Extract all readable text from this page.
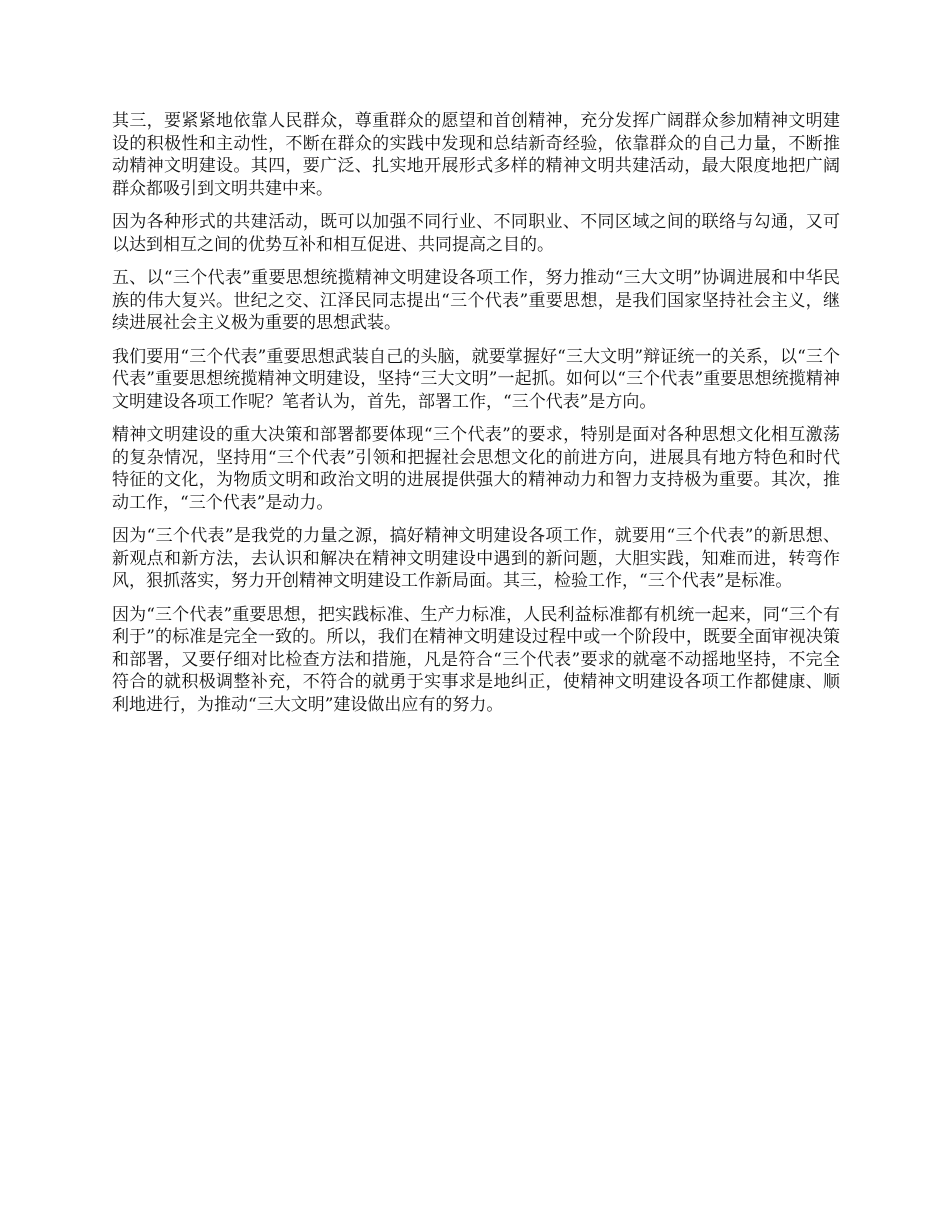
其三，要紧紧地依靠人民群众，尊重群众的愿望和首创精神，充分发挥广阔群众参加精神文明建设的积极性和主动性，不断在群众的实践中发现和总结新奇经验，依靠群众的自己力量，不断推动精神文明建设。其四，要广泛、扎实地开展形式多样的精神文明共建活动，最大限度地把广阔群众都吸引到文明共建中来。

因为各种形式的共建活动，既可以加强不同行业、不同职业、不同区域之间的联络与勾通，又可以达到相互之间的优势互补和相互促进、共同提高之目的。

五、以“三个代表”重要思想统揽精神文明建设各项工作，努力推动“三大文明”协调进展和中华民族的伟大复兴。世纪之交、江泽民同志提出“三个代表”重要思想，是我们国家坚持社会主义，继续进展社会主义极为重要的思想武装。

我们要用“三个代表”重要思想武装自己的头脑，就要掌握好“三大文明”辩证统一的关系，以“三个代表”重要思想统揽精神文明建设，坚持“三大文明”一起抓。如何以“三个代表”重要思想统揽精神文明建设各项工作呢？笔者认为，首先，部署工作，“三个代表”是方向。

精神文明建设的重大决策和部署都要体现“三个代表”的要求，特别是面对各种思想文化相互激荡的复杂情况，坚持用“三个代表”引领和把握社会思想文化的前进方向，进展具有地方特色和时代特征的文化，为物质文明和政治文明的进展提供强大的精神动力和智力支持极为重要。其次，推动工作，“三个代表”是动力。

因为“三个代表”是我党的力量之源，搞好精神文明建设各项工作，就要用“三个代表”的新思想、新观点和新方法，去认识和解决在精神文明建设中遇到的新问题，大胆实践，知难而进，转弯作风，狠抓落实，努力开创精神文明建设工作新局面。其三，检验工作，“三个代表”是标准。

因为“三个代表”重要思想，把实践标准、生产力标准，人民利益标准都有机统一起来，同“三个有利于”的标准是完全一致的。所以，我们在精神文明建设过程中或一个阶段中，既要全面审视决策和部署，又要仔细对比检查方法和措施，凡是符合“三个代表”要求的就毫不动摇地坚持，不完全符合的就积极调整补充，不符合的就勇于实事求是地纠正，使精神文明建设各项工作都健康、顺利地进行，为推动“三大文明”建设做出应有的努力。
